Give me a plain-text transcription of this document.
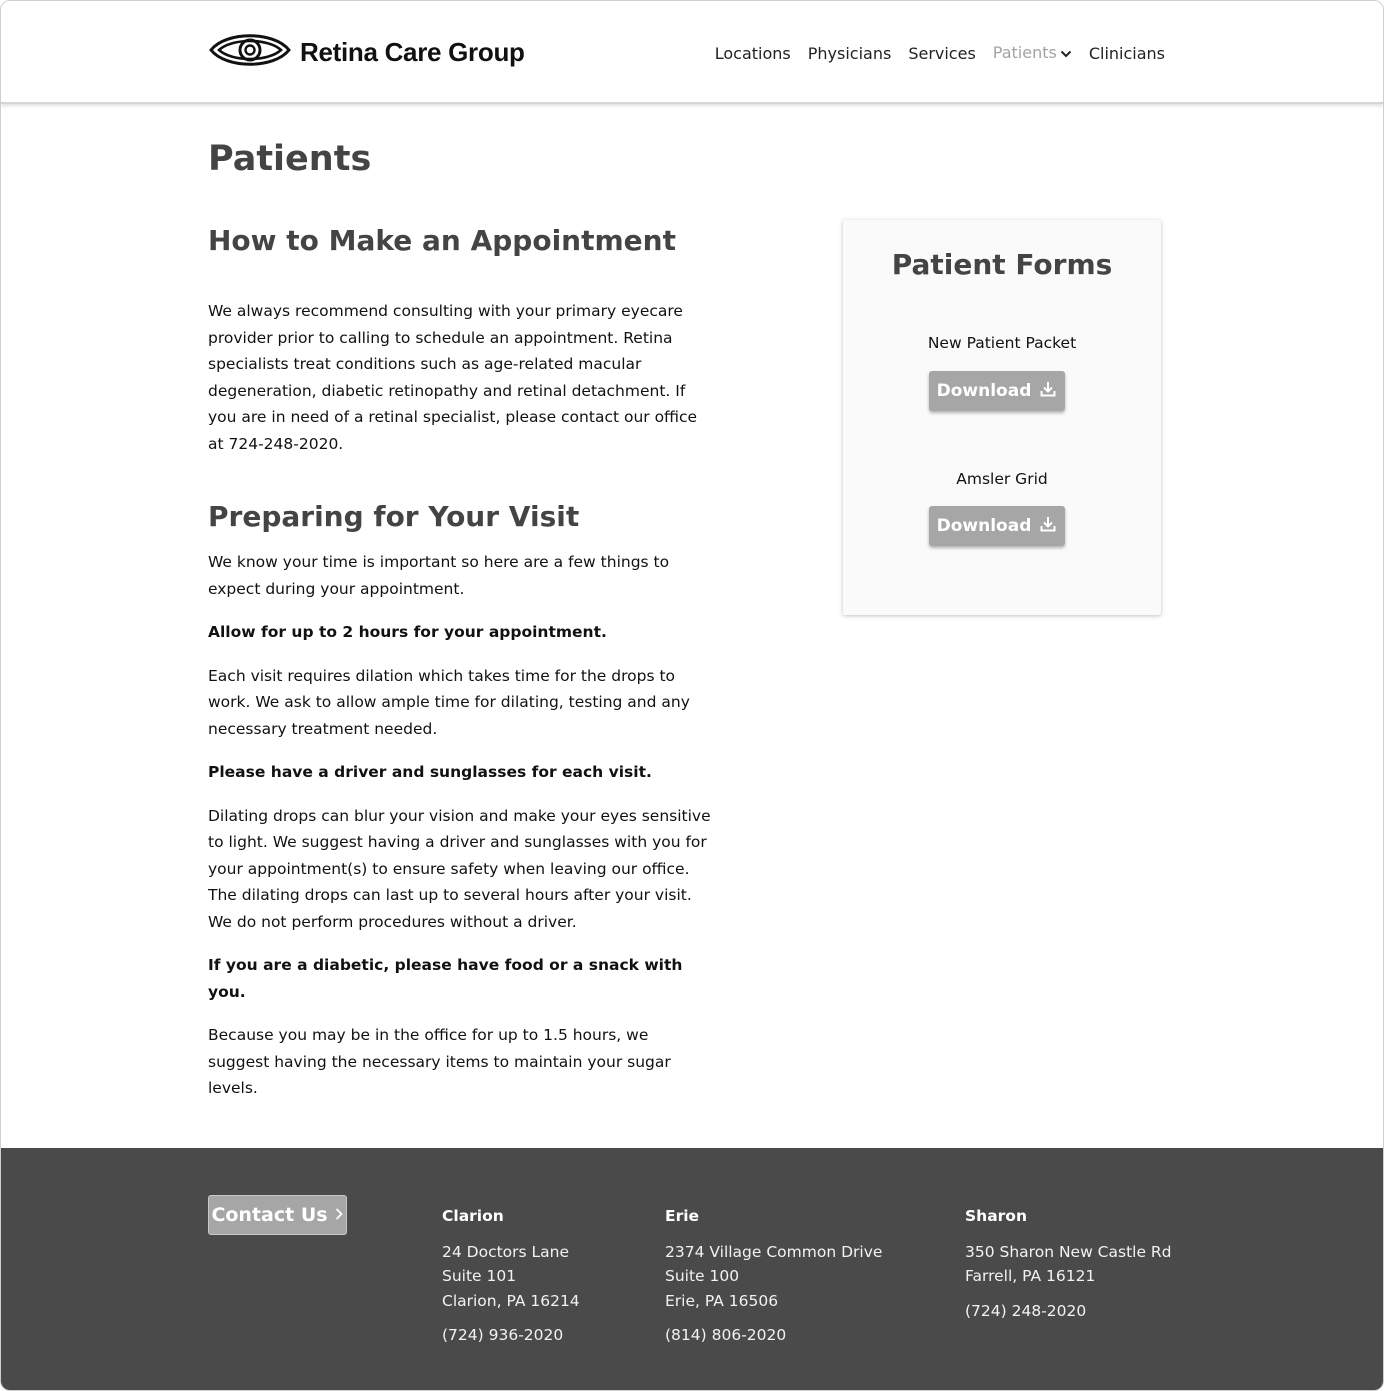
Retina Care Group	Locations Physicians Services Patients	Clinicians
Patients
How to Make an Appointment

We always recommend consulting with your primary eyecare provider prior to calling to schedule an appointment. Retina specialists treat conditions such as age-related macular degeneration, diabetic retinopathy and retinal detachment. If you are in need of a retinal specialist, please contact our office at 724-248-2020.

Preparing for Your Visit

We know your time is important so here are a few things to expect during your appointment.

Allow for up to 2 hours for your appointment.

Each visit requires dilation which takes time for the drops to work. We ask to allow ample time for dilating, testing and any necessary treatment needed.

Please have a driver and sunglasses for each visit.

Dilating drops can blur your vision and make your eyes sensitive to light. We suggest having a driver and sunglasses with you for your appointment(s) to ensure safety when leaving our office. The dilating drops can last up to several hours after your visit. We do not perform procedures without a driver.

If you are a diabetic, please have food or a snack with you.

Because you may be in the office for up to 1.5 hours, we suggest having the necessary items to maintain your sugar levels.

Patient Forms
New Patient Packet
Download
Amsler Grid
Download
Contact Us	Clarion
24 Doctors Lane
Suite 101
Clarion, PA 16214
(724) 936-2020
Erie
2374 Village Common Drive
Suite 100
Erie, PA 16506
(814) 806-2020
Sharon
350 Sharon New Castle Rd
Farrell, PA 16121
(724) 248-2020
